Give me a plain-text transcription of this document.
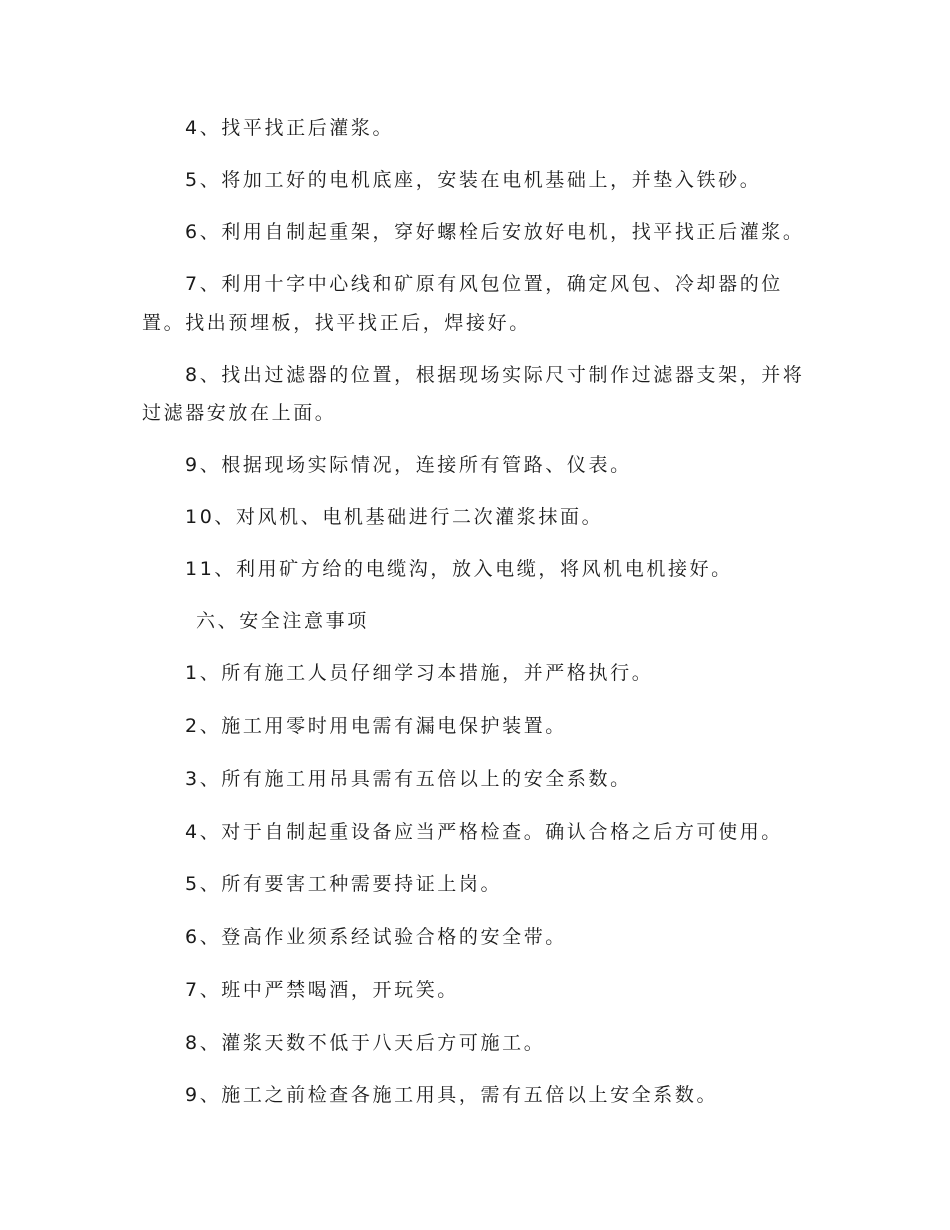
4、找平找正后灌浆。
5、将加工好的电机底座，安装在电机基础上，并垫入铁砂。
6、利用自制起重架，穿好螺栓后安放好电机，找平找正后灌浆。
7、利用十字中心线和矿原有风包位置，确定风包、冷却器的位
置。找出预埋板，找平找正后，焊接好。
8、找出过滤器的位置，根据现场实际尺寸制作过滤器支架，并将
过滤器安放在上面。
9、根据现场实际情况，连接所有管路、仪表。
10、对风机、电机基础进行二次灌浆抹面。
11、利用矿方给的电缆沟，放入电缆，将风机电机接好。
六、安全注意事项
1、所有施工人员仔细学习本措施，并严格执行。
2、施工用零时用电需有漏电保护装置。
3、所有施工用吊具需有五倍以上的安全系数。
4、对于自制起重设备应当严格检查。确认合格之后方可使用。
5、所有要害工种需要持证上岗。
6、登高作业须系经试验合格的安全带。
7、班中严禁喝酒，开玩笑。
8、灌浆天数不低于八天后方可施工。
9、施工之前检查各施工用具，需有五倍以上安全系数。
